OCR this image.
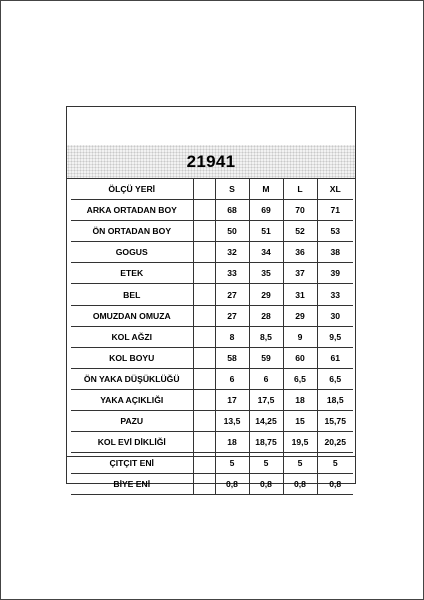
21941
ÖLÇÜ YERİ		S	M	L	XL
ARKA ORTADAN BOY		68	69	70	71
ÖN ORTADAN BOY		50	51	52	53
GOGUS		32	34	36	38
ETEK		33	35	37	39
BEL		27	29	31	33
OMUZDAN OMUZA		27	28	29	30
KOL AĞZI		8	8,5	9	9,5
KOL BOYU		58	59	60	61
ÖN YAKA DÜŞÜKLÜĞÜ		6	6	6,5	6,5
YAKA AÇIKLIĞI		17	17,5	18	18,5
PAZU		13,5	14,25	15	15,75
KOL EVİ DİKLİĞİ		18	18,75	19,5	20,25
ÇITÇIT ENİ		5	5	5	5
BİYE ENİ		0,8	0,8	0,8	0,8
